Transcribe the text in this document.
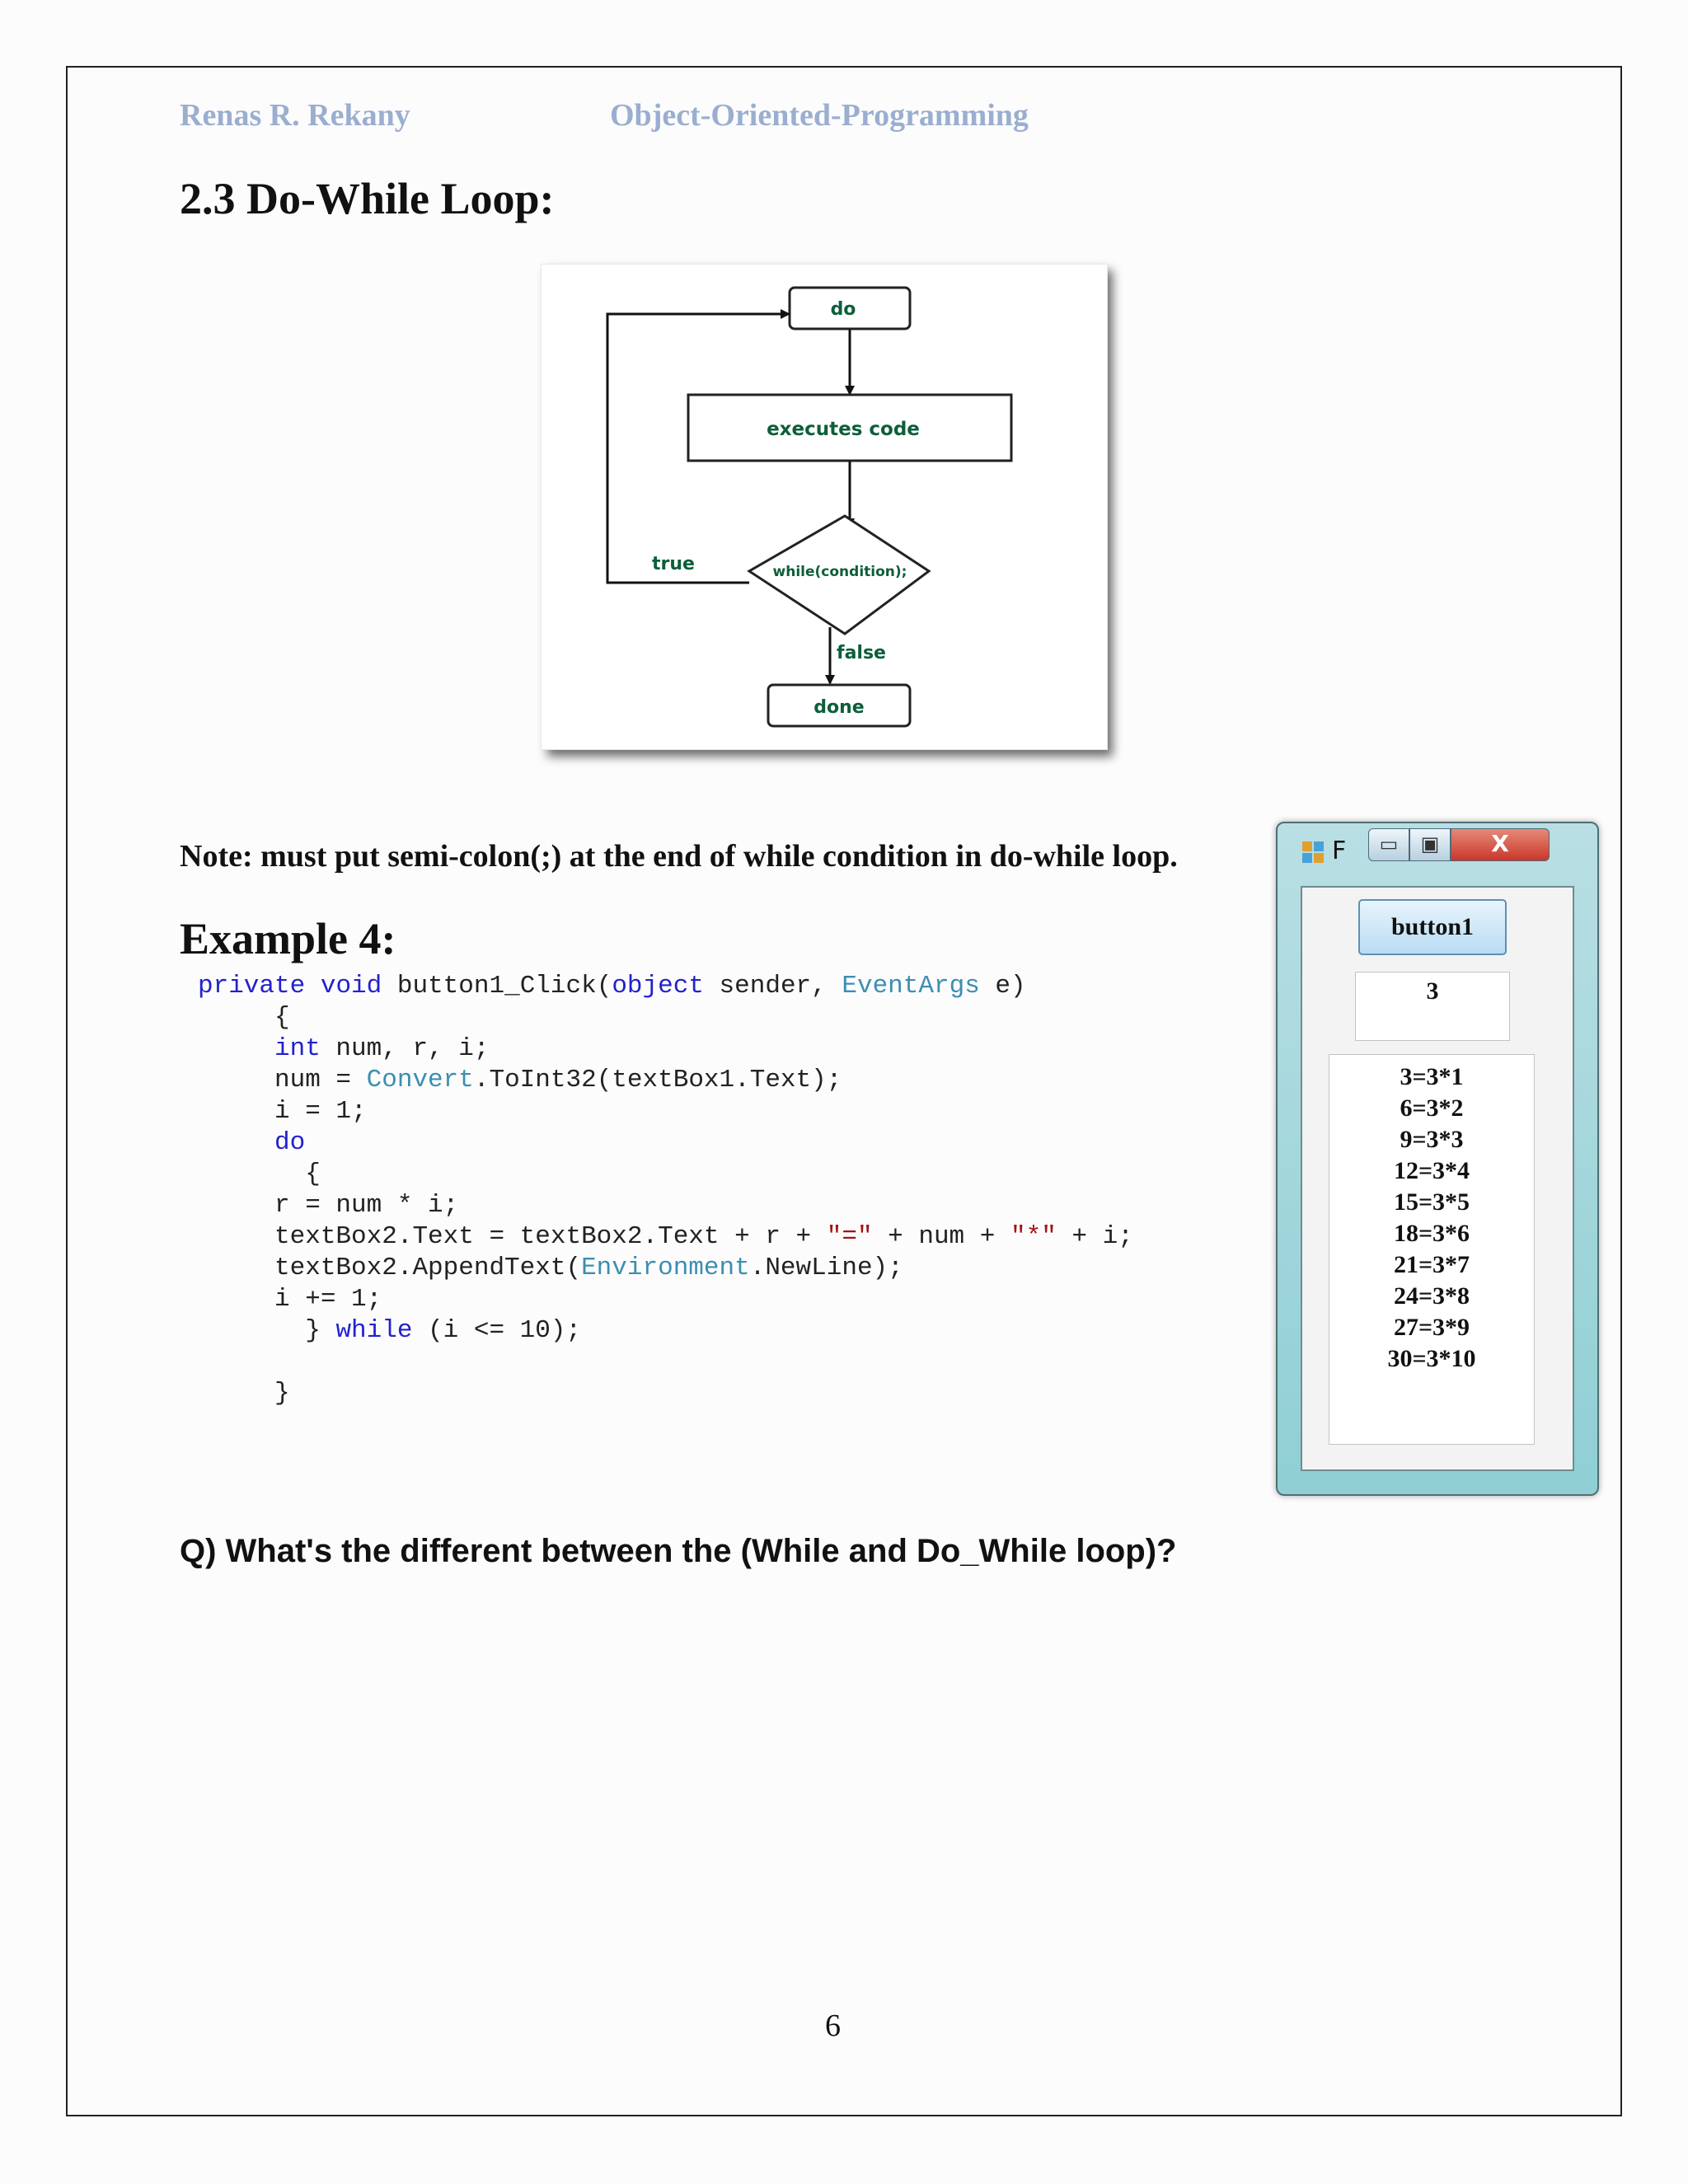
Renas R. Rekany	Object-Oriented-Programming
2.3 Do-While Loop:
do
executes code
while(condition);
true
false
done
Note: must put semi-colon(;) at the end of while condition in do-while loop.
Example 4:
private void button1_Click(object sender, EventArgs e)
{
int num, r, i;
num = Convert.ToInt32(textBox1.Text);
i = 1;
do
{
r = num * i;
textBox2.Text = textBox2.Text + r + "=" + num + "*" + i;
textBox2.AppendText(Environment.NewLine);
i += 1;
} while (i <= 10);
}
F	▭	▣	X
button1
3
3=3*1
6=3*2
9=3*3
12=3*4
15=3*5
18=3*6
21=3*7
24=3*8
27=3*9
30=3*10
Q) What's the different between the (While and Do_While loop)?
6
